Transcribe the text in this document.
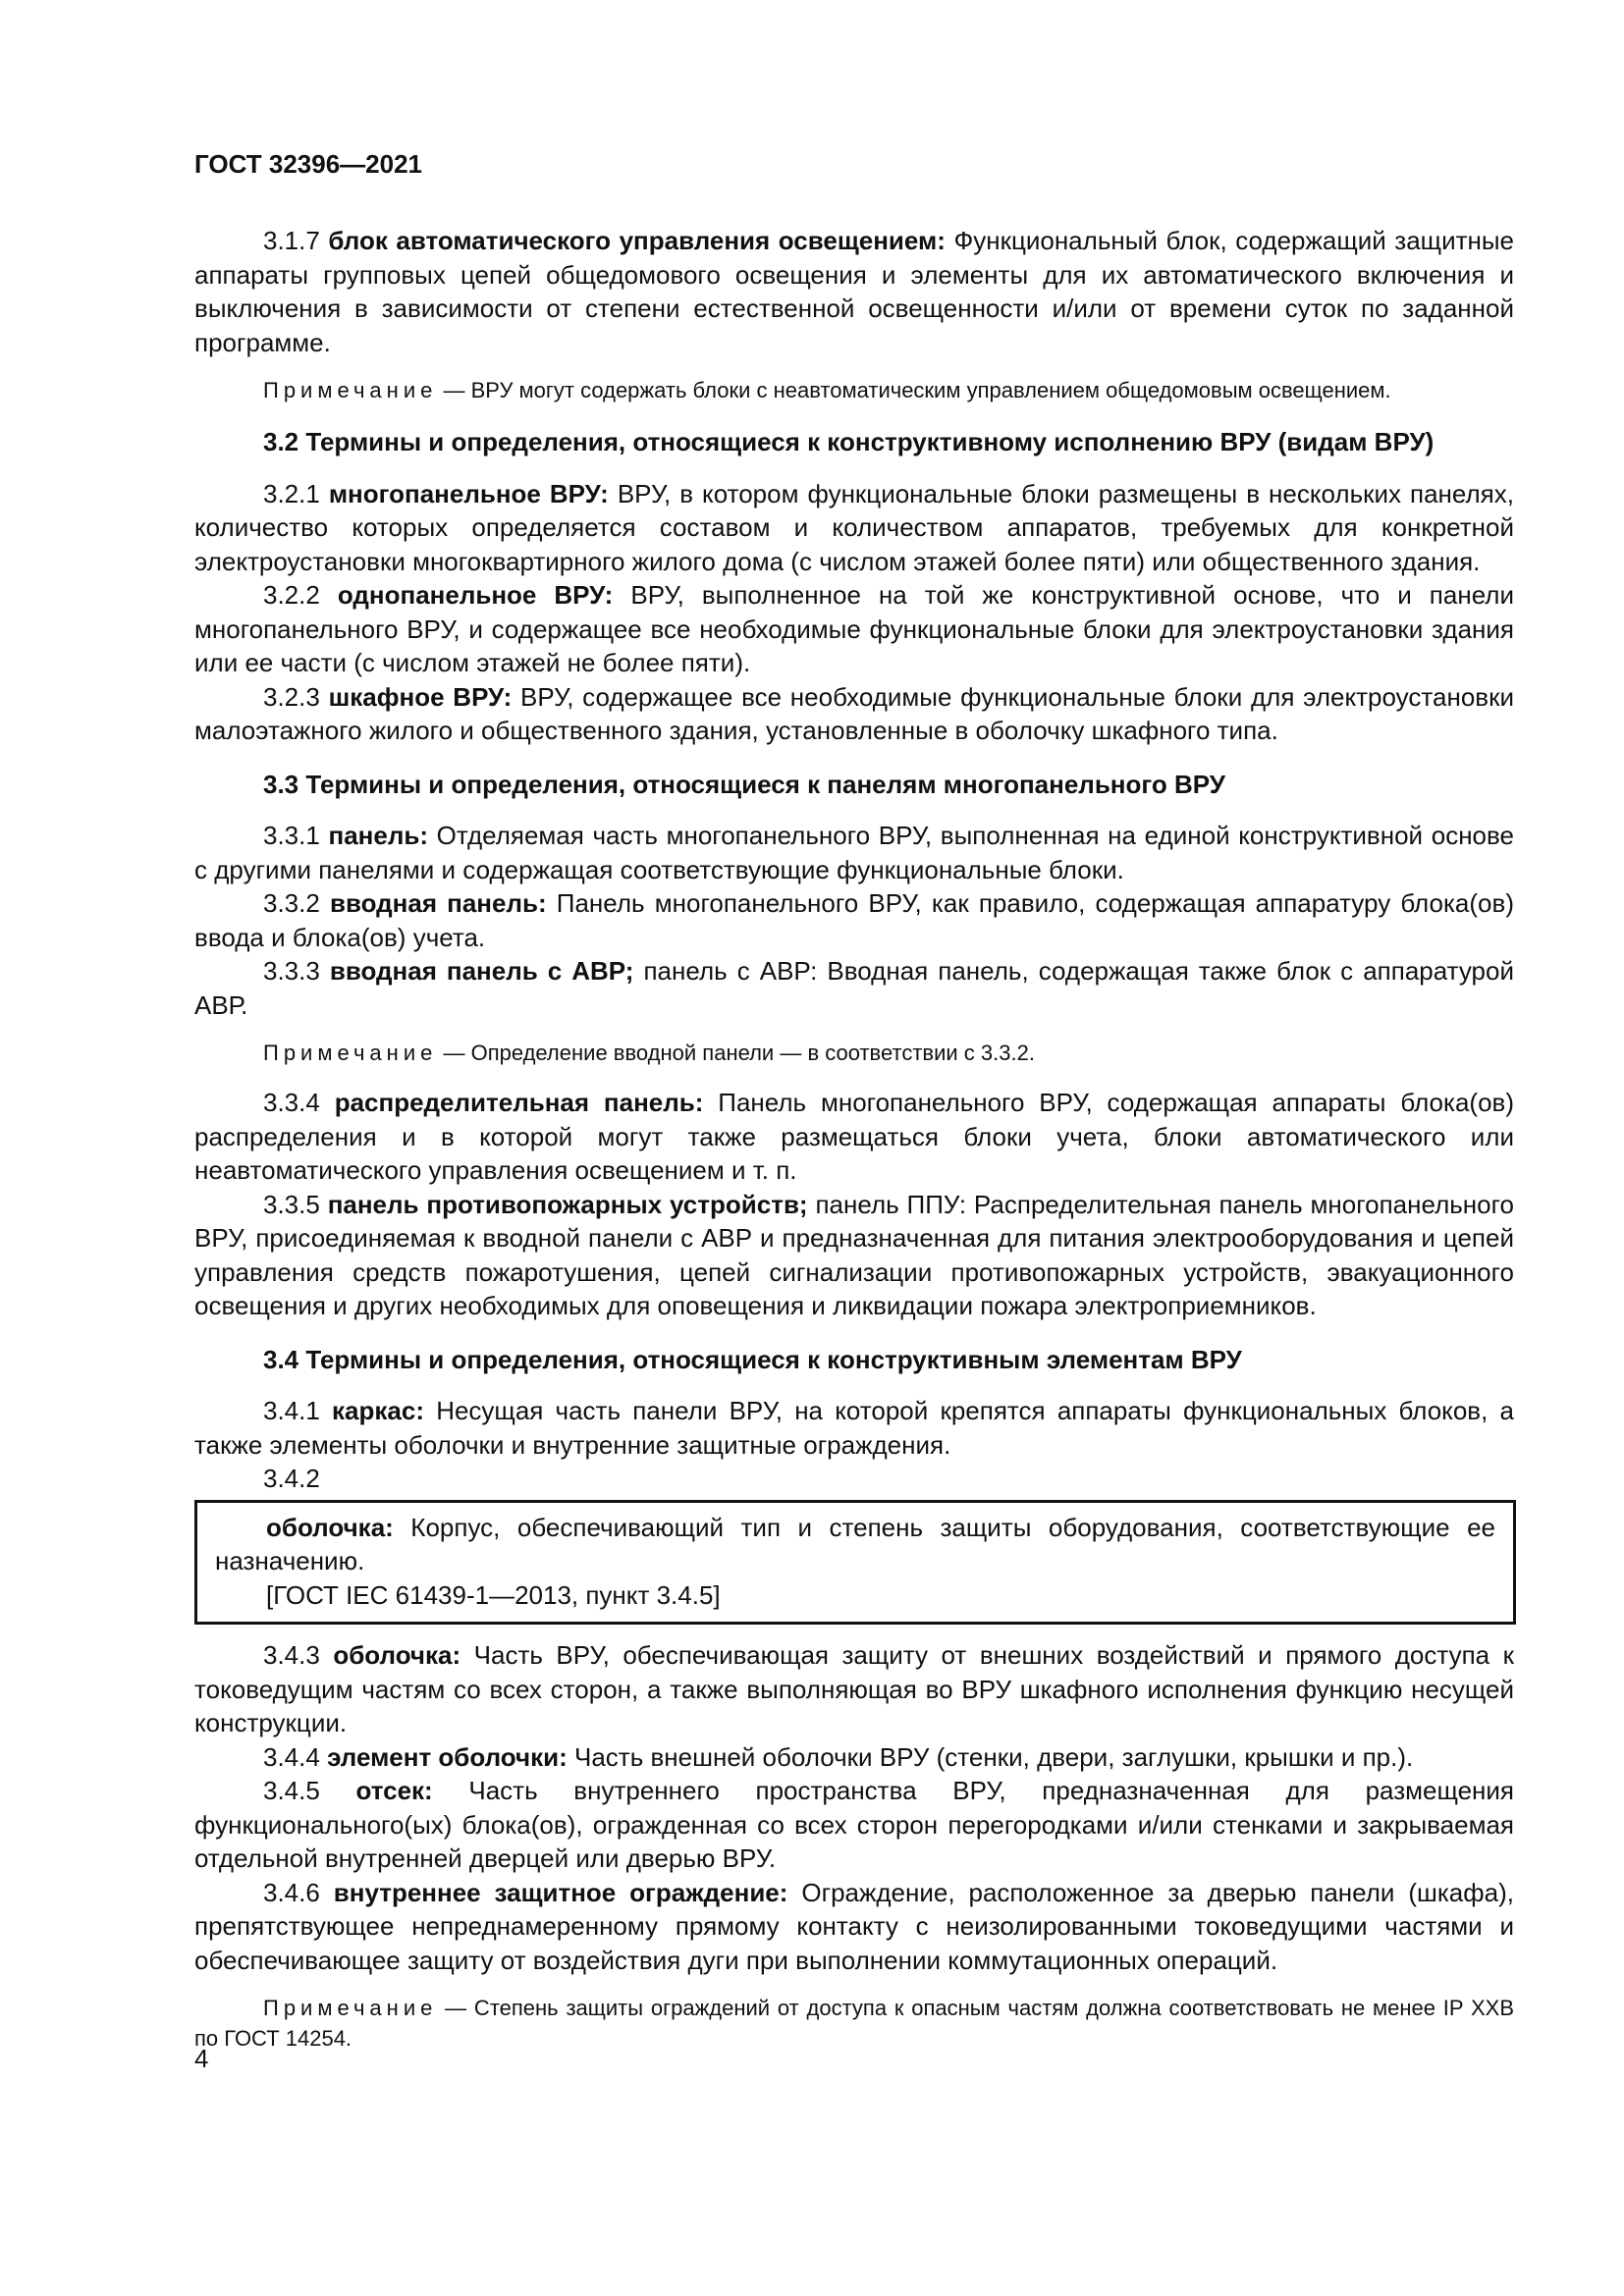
ГОСТ 32396—2021

3.1.7 блок автоматического управления освещением: Функциональный блок, содержащий защитные аппараты групповых цепей общедомового освещения и элементы для их автоматического включения и выключения в зависимости от степени естественной освещенности и/или от времени суток по заданной программе.

Примечание — ВРУ могут содержать блоки с неавтоматическим управлением общедомовым освещением.

3.2 Термины и определения, относящиеся к конструктивному исполнению ВРУ (видам ВРУ)

3.2.1 многопанельное ВРУ: ВРУ, в котором функциональные блоки размещены в нескольких панелях, количество которых определяется составом и количеством аппаратов, требуемых для конкретной электроустановки многоквартирного жилого дома (с числом этажей более пяти) или общественного здания.

3.2.2 однопанельное ВРУ: ВРУ, выполненное на той же конструктивной основе, что и панели многопанельного ВРУ, и содержащее все необходимые функциональные блоки для электроустановки здания или ее части (с числом этажей не более пяти).

3.2.3 шкафное ВРУ: ВРУ, содержащее все необходимые функциональные блоки для электроустановки малоэтажного жилого и общественного здания, установленные в оболочку шкафного типа.

3.3 Термины и определения, относящиеся к панелям многопанельного ВРУ

3.3.1 панель: Отделяемая часть многопанельного ВРУ, выполненная на единой конструктивной основе с другими панелями и содержащая соответствующие функциональные блоки.

3.3.2 вводная панель: Панель многопанельного ВРУ, как правило, содержащая аппаратуру блока(ов) ввода и блока(ов) учета.

3.3.3 вводная панель с АВР; панель с АВР: Вводная панель, содержащая также блок с аппаратурой АВР.

Примечание — Определение вводной панели — в соответствии с 3.3.2.

3.3.4 распределительная панель: Панель многопанельного ВРУ, содержащая аппараты блока(ов) распределения и в которой могут также размещаться блоки учета, блоки автоматического или неавтоматического управления освещением и т. п.

3.3.5 панель противопожарных устройств; панель ППУ: Распределительная панель многопанельного ВРУ, присоединяемая к вводной панели с АВР и предназначенная для питания электрооборудования и цепей управления средств пожаротушения, цепей сигнализации противопожарных устройств, эвакуационного освещения и других необходимых для оповещения и ликвидации пожара электроприемников.

3.4 Термины и определения, относящиеся к конструктивным элементам ВРУ

3.4.1 каркас: Несущая часть панели ВРУ, на которой крепятся аппараты функциональных блоков, а также элементы оболочки и внутренние защитные ограждения.

3.4.2

оболочка: Корпус, обеспечивающий тип и степень защиты оборудования, соответствующие ее назначению.

[ГОСТ IEC 61439-1—2013, пункт 3.4.5]

3.4.3 оболочка: Часть ВРУ, обеспечивающая защиту от внешних воздействий и прямого доступа к токоведущим частям со всех сторон, а также выполняющая во ВРУ шкафного исполнения функцию несущей конструкции.

3.4.4 элемент оболочки: Часть внешней оболочки ВРУ (стенки, двери, заглушки, крышки и пр.).

3.4.5 отсек: Часть внутреннего пространства ВРУ, предназначенная для размещения функционального(ых) блока(ов), огражденная со всех сторон перегородками и/или стенками и закрываемая отдельной внутренней дверцей или дверью ВРУ.

3.4.6 внутреннее защитное ограждение: Ограждение, расположенное за дверью панели (шкафа), препятствующее непреднамеренному прямому контакту с неизолированными токоведущими частями и обеспечивающее защиту от воздействия дуги при выполнении коммутационных операций.

Примечание — Степень защиты ограждений от доступа к опасным частям должна соответствовать не менее IP XXB по ГОСТ 14254.

4
